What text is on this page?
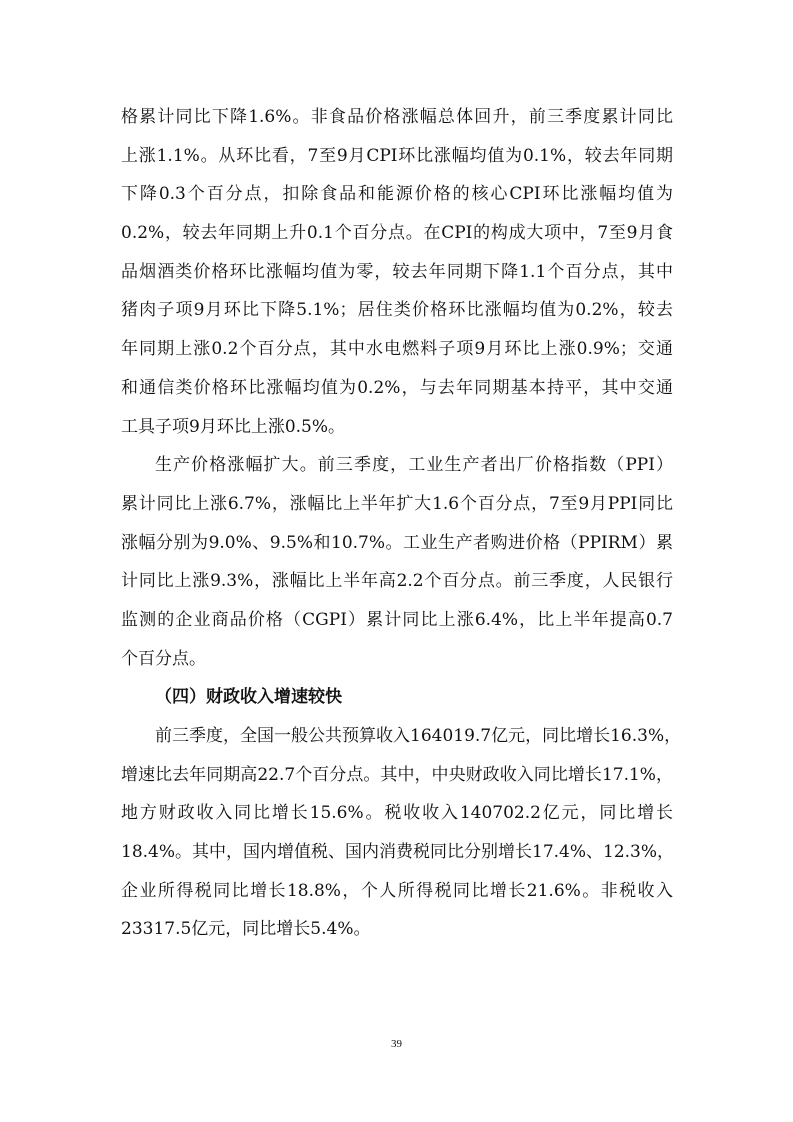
格累计同比下降1.6%。非食品价格涨幅总体回升，前三季度累计同比
上涨1.1%。从环比看，7至9月CPI环比涨幅均值为0.1%，较去年同期
下降0.3个百分点，扣除食品和能源价格的核心CPI环比涨幅均值为
0.2%，较去年同期上升0.1个百分点。在CPI的构成大项中，7至9月食
品烟酒类价格环比涨幅均值为零，较去年同期下降1.1个百分点，其中
猪肉子项9月环比下降5.1%；居住类价格环比涨幅均值为0.2%，较去
年同期上涨0.2个百分点，其中水电燃料子项9月环比上涨0.9%；交通
和通信类价格环比涨幅均值为0.2%，与去年同期基本持平，其中交通
工具子项9月环比上涨0.5%。
生产价格涨幅扩大。前三季度，工业生产者出厂价格指数（PPI）
累计同比上涨6.7%，涨幅比上半年扩大1.6个百分点，7至9月PPI同比
涨幅分别为9.0%、9.5%和10.7%。工业生产者购进价格（PPIRM）累
计同比上涨9.3%，涨幅比上半年高2.2个百分点。前三季度，人民银行
监测的企业商品价格（CGPI）累计同比上涨6.4%，比上半年提高0.7
个百分点。
（四）财政收入增速较快
前三季度，全国一般公共预算收入164019.7亿元，同比增长16.3%，
增速比去年同期高22.7个百分点。其中，中央财政收入同比增长17.1%，
地方财政收入同比增长15.6%。税收收入140702.2亿元，同比增长
18.4%。其中，国内增值税、国内消费税同比分别增长17.4%、12.3%，
企业所得税同比增长18.8%，个人所得税同比增长21.6%。非税收入
23317.5亿元，同比增长5.4%。
39
